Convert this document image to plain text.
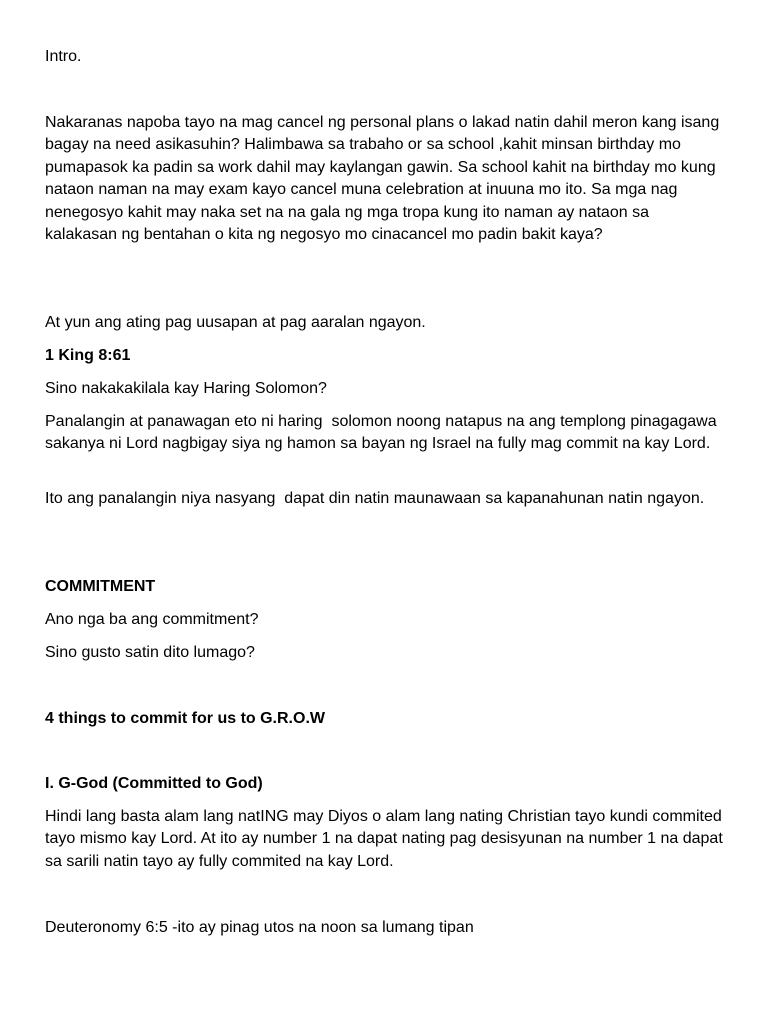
Intro.

Nakaranas napoba tayo na mag cancel ng personal plans o lakad natin dahil meron kang isang bagay na need asikasuhin? Halimbawa sa trabaho or sa school ,kahit minsan birthday mo pumapasok ka padin sa work dahil may kaylangan gawin. Sa school kahit na birthday mo kung nataon naman na may exam kayo cancel muna celebration at inuuna mo ito. Sa mga nag nenegosyo kahit may naka set na na gala ng mga tropa kung ito naman ay nataon sa kalakasan ng bentahan o kita ng negosyo mo cinacancel mo padin bakit kaya?

At yun ang ating pag uusapan at pag aaralan ngayon.

1 King 8:61

Sino nakakakilala kay Haring Solomon?

Panalangin at panawagan eto ni haring  solomon noong natapus na ang templong pinagagawa sakanya ni Lord nagbigay siya ng hamon sa bayan ng Israel na fully mag commit na kay Lord.

Ito ang panalangin niya nasyang  dapat din natin maunawaan sa kapanahunan natin ngayon.

COMMITMENT

Ano nga ba ang commitment?

Sino gusto satin dito lumago?

4 things to commit for us to G.R.O.W

I. G-God (Committed to God)

Hindi lang basta alam lang natING may Diyos o alam lang nating Christian tayo kundi commited tayo mismo kay Lord. At ito ay number 1 na dapat nating pag desisyunan na number 1 na dapat sa sarili natin tayo ay fully commited na kay Lord.

Deuteronomy 6:5 -ito ay pinag utos na noon sa lumang tipan
